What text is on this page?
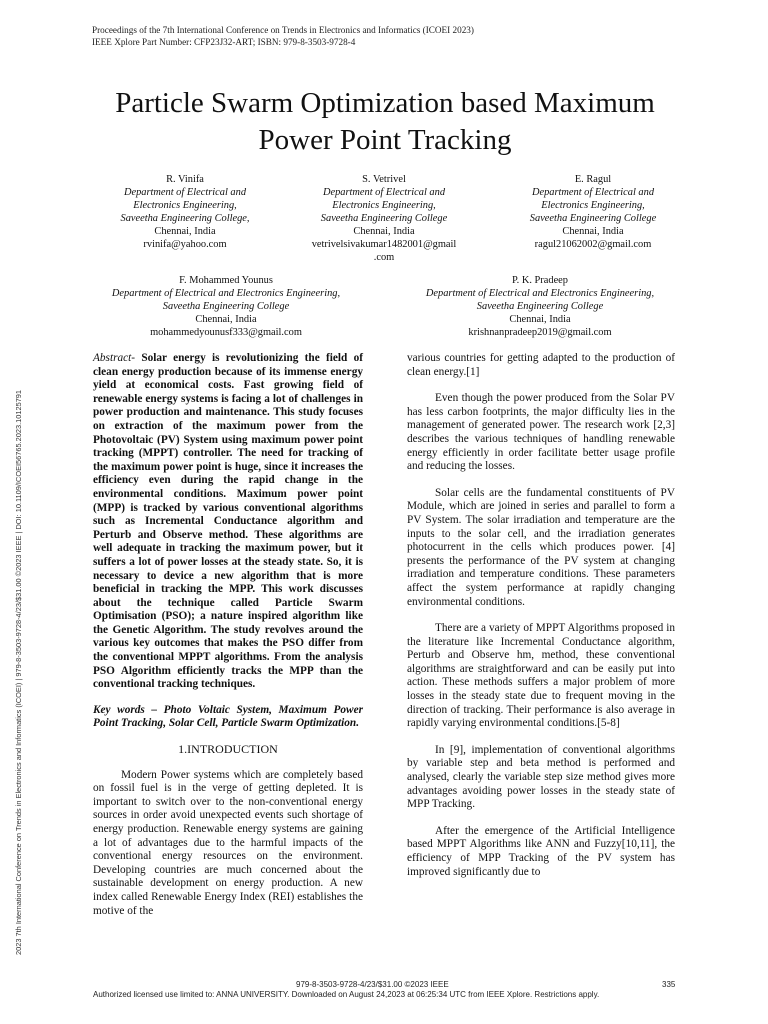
Proceedings of the 7th International Conference on Trends in Electronics and Informatics (ICOEI 2023)
IEEE Xplore Part Number: CFP23J32-ART; ISBN: 979-8-3503-9728-4
2023 7th International Conference on Trends in Electronics and Informatics (ICOEI) | 979-8-3503-9728-4/23/$31.00 ©2023 IEEE | DOI: 10.1109/ICOEI56765.2023.10125791
Particle Swarm Optimization based Maximum
Power Point Tracking
R. Vinifa
Department of Electrical and
Electronics Engineering,
Saveetha Engineering College,
Chennai, India
rvinifa@yahoo.com
S. Vetrivel
Department of Electrical and
Electronics Engineering,
Saveetha Engineering College
Chennai, India
vetrivelsivakumar1482001@gmail
.com
E. Ragul
Department of Electrical and
Electronics Engineering,
Saveetha Engineering College
Chennai, India
ragul21062002@gmail.com
F. Mohammed Younus
Department of Electrical and Electronics Engineering,
Saveetha Engineering College
Chennai, India
mohammedyounusf333@gmail.com
P. K. Pradeep
Department of Electrical and Electronics Engineering,
Saveetha Engineering College
Chennai, India
krishnanpradeep2019@gmail.com

Abstract- Solar energy is revolutionizing the field of clean energy production because of its immense energy yield at economical costs. Fast growing field of renewable energy systems is facing a lot of challenges in power production and maintenance. This study focuses on extraction of the maximum power from the Photovoltaic (PV) System using maximum power point tracking (MPPT) controller. The need for tracking of the maximum power point is huge, since it increases the efficiency even during the rapid change in the environmental conditions. Maximum power point (MPP) is tracked by various conventional algorithms such as Incremental Conductance algorithm and Perturb and Observe method. These algorithms are well adequate in tracking the maximum power, but it suffers a lot of power losses at the steady state. So, it is necessary to device a new algorithm that is more beneficial in tracking the MPP. This work discusses about the technique called Particle Swarm Optimisation (PSO); a nature inspired algorithm like the Genetic Algorithm. The study revolves around the various key outcomes that makes the PSO differ from the conventional MPPT algorithms. From the analysis PSO Algorithm efficiently tracks the MPP than the conventional tracking techniques.

Key words – Photo Voltaic System, Maximum Power Point Tracking, Solar Cell, Particle Swarm Optimization.

1.INTRODUCTION

Modern Power systems which are completely based on fossil fuel is in the verge of getting depleted. It is important to switch over to the non-conventional energy sources in order avoid unexpected events such shortage of energy production. Renewable energy systems are gaining a lot of advantages due to the harmful impacts of the conventional energy resources on the environment. Developing countries are much concerned about the sustainable development on energy production. A new index called Renewable Energy Index (REI) establishes the motive of the

various countries for getting adapted to the production of clean energy.[1]

Even though the power produced from the Solar PV has less carbon footprints, the major difficulty lies in the management of generated power. The research work [2,3] describes the various techniques of handling renewable energy efficiently in order facilitate better usage profile and reducing the losses.

Solar cells are the fundamental constituents of PV Module, which are joined in series and parallel to form a PV System. The solar irradiation and temperature are the inputs to the solar cell, and the irradiation generates photocurrent in the cells which produces power. [4] presents the performance of the PV system at changing irradiation and temperature conditions. These parameters affect the system performance at rapidly changing environmental conditions.

There are a variety of MPPT Algorithms proposed in the literature like Incremental Conductance algorithm, Perturb and Observe hm, method, these conventional algorithms are straightforward and can be easily put into action. These methods suffers a major problem of more losses in the steady state due to frequent moving in the direction of tracking. Their performance is also average in rapidly varying environmental conditions.[5-8]

In [9], implementation of conventional algorithms by variable step and beta method is performed and analysed, clearly the variable step size method gives more advantages avoiding power losses in the steady state of MPP Tracking.

After the emergence of the Artificial Intelligence based MPPT Algorithms like ANN and Fuzzy[10,11], the efficiency of MPP Tracking of the PV system has improved significantly due to

979-8-3503-9728-4/23/$31.00 ©2023 IEEE	335
Authorized licensed use limited to: ANNA UNIVERSITY. Downloaded on August 24,2023 at 06:25:34 UTC from IEEE Xplore. Restrictions apply.
